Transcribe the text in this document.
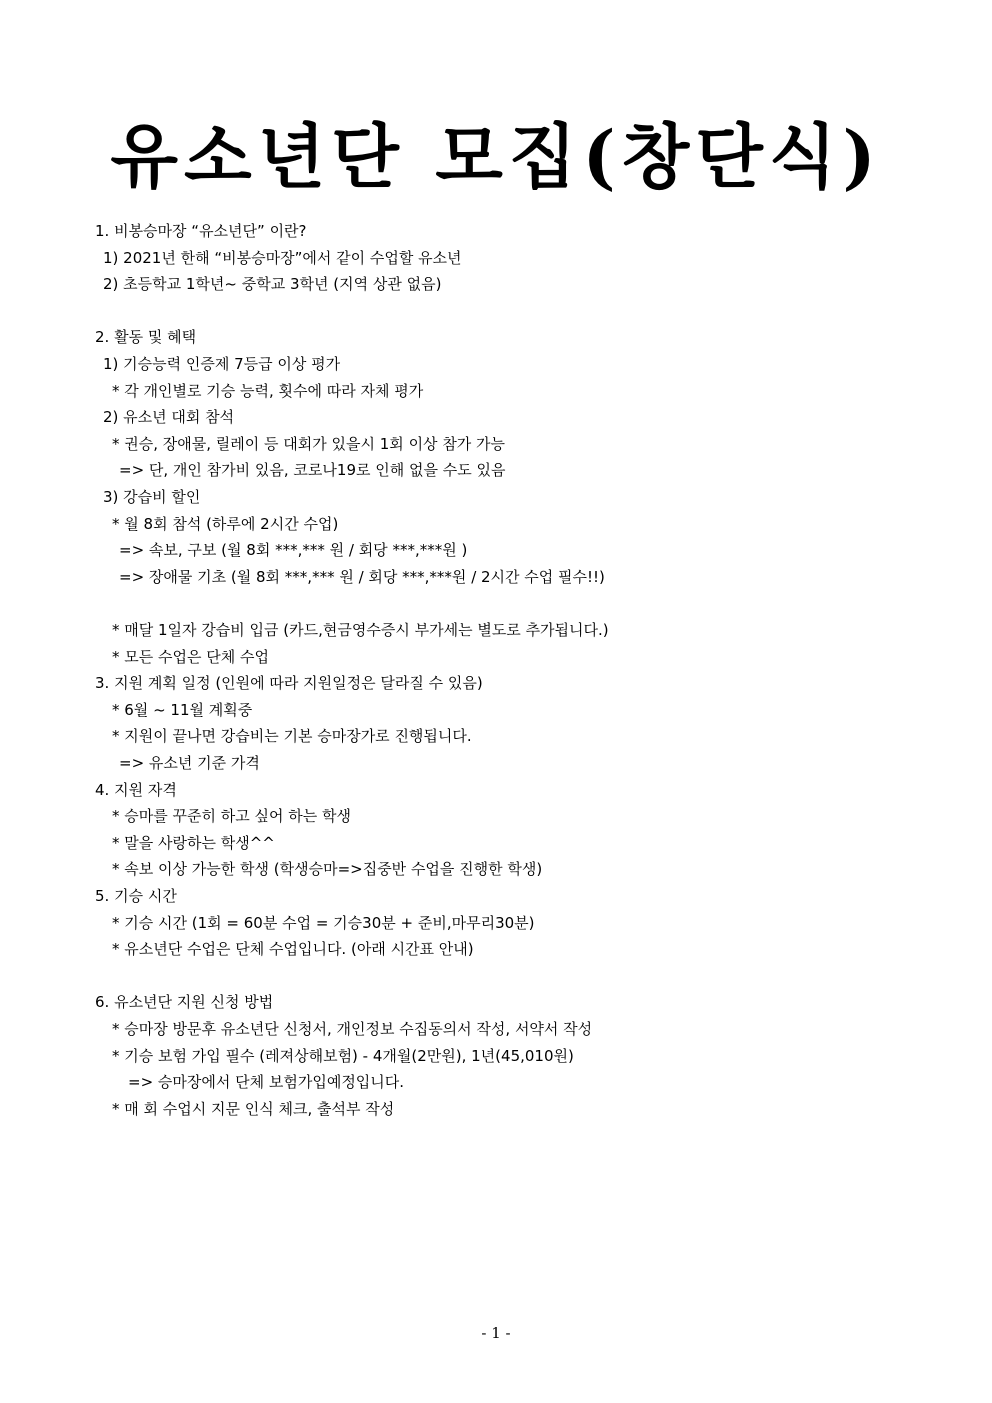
유소년단 모집(창단식)
1. 비봉승마장 “유소년단” 이란?
1) 2021년 한해 “비봉승마장”에서 같이 수업할 유소년
2) 초등학교 1학년~ 중학교 3학년 (지역 상관 없음)
2. 활동 및 혜택
1) 기승능력 인증제 7등급 이상 평가
* 각 개인별로 기승 능력, 횟수에 따라 자체 평가
2) 유소년 대회 참석
* 권승, 장애물, 릴레이 등 대회가 있을시 1회 이상 참가 가능
=> 단, 개인 참가비 있음, 코로나19로 인해 없을 수도 있음
3) 강습비 할인
* 월 8회 참석 (하루에 2시간 수업)
=> 속보, 구보 (월 8회 ***,*** 원 / 회당 ***,***원 )
=> 장애물 기초 (월 8회 ***,*** 원 / 회당 ***,***원 / 2시간 수업 필수!!)
* 매달 1일자 강습비 입금 (카드,현금영수증시 부가세는 별도로 추가됩니다.)
* 모든 수업은 단체 수업
3. 지원 계획 일정 (인원에 따라 지원일정은 달라질 수 있음)
* 6월 ~ 11월 계획중
* 지원이 끝나면 강습비는 기본 승마장가로 진행됩니다.
=> 유소년 기준 가격
4. 지원 자격
* 승마를 꾸준히 하고 싶어 하는 학생
* 말을 사랑하는 학생^^
* 속보 이상 가능한 학생 (학생승마=>집중반 수업을 진행한 학생)
5. 기승 시간
* 기승 시간 (1회 = 60분 수업 = 기승30분 + 준비,마무리30분)
* 유소년단 수업은 단체 수업입니다. (아래 시간표 안내)
6. 유소년단 지원 신청 방법
* 승마장 방문후 유소년단 신청서, 개인정보 수집동의서 작성, 서약서 작성
* 기승 보험 가입 필수 (레져상해보험) - 4개월(2만원), 1년(45,010원)
=> 승마장에서 단체 보험가입예정입니다.
* 매 회 수업시 지문 인식 체크, 출석부 작성
- 1 -
